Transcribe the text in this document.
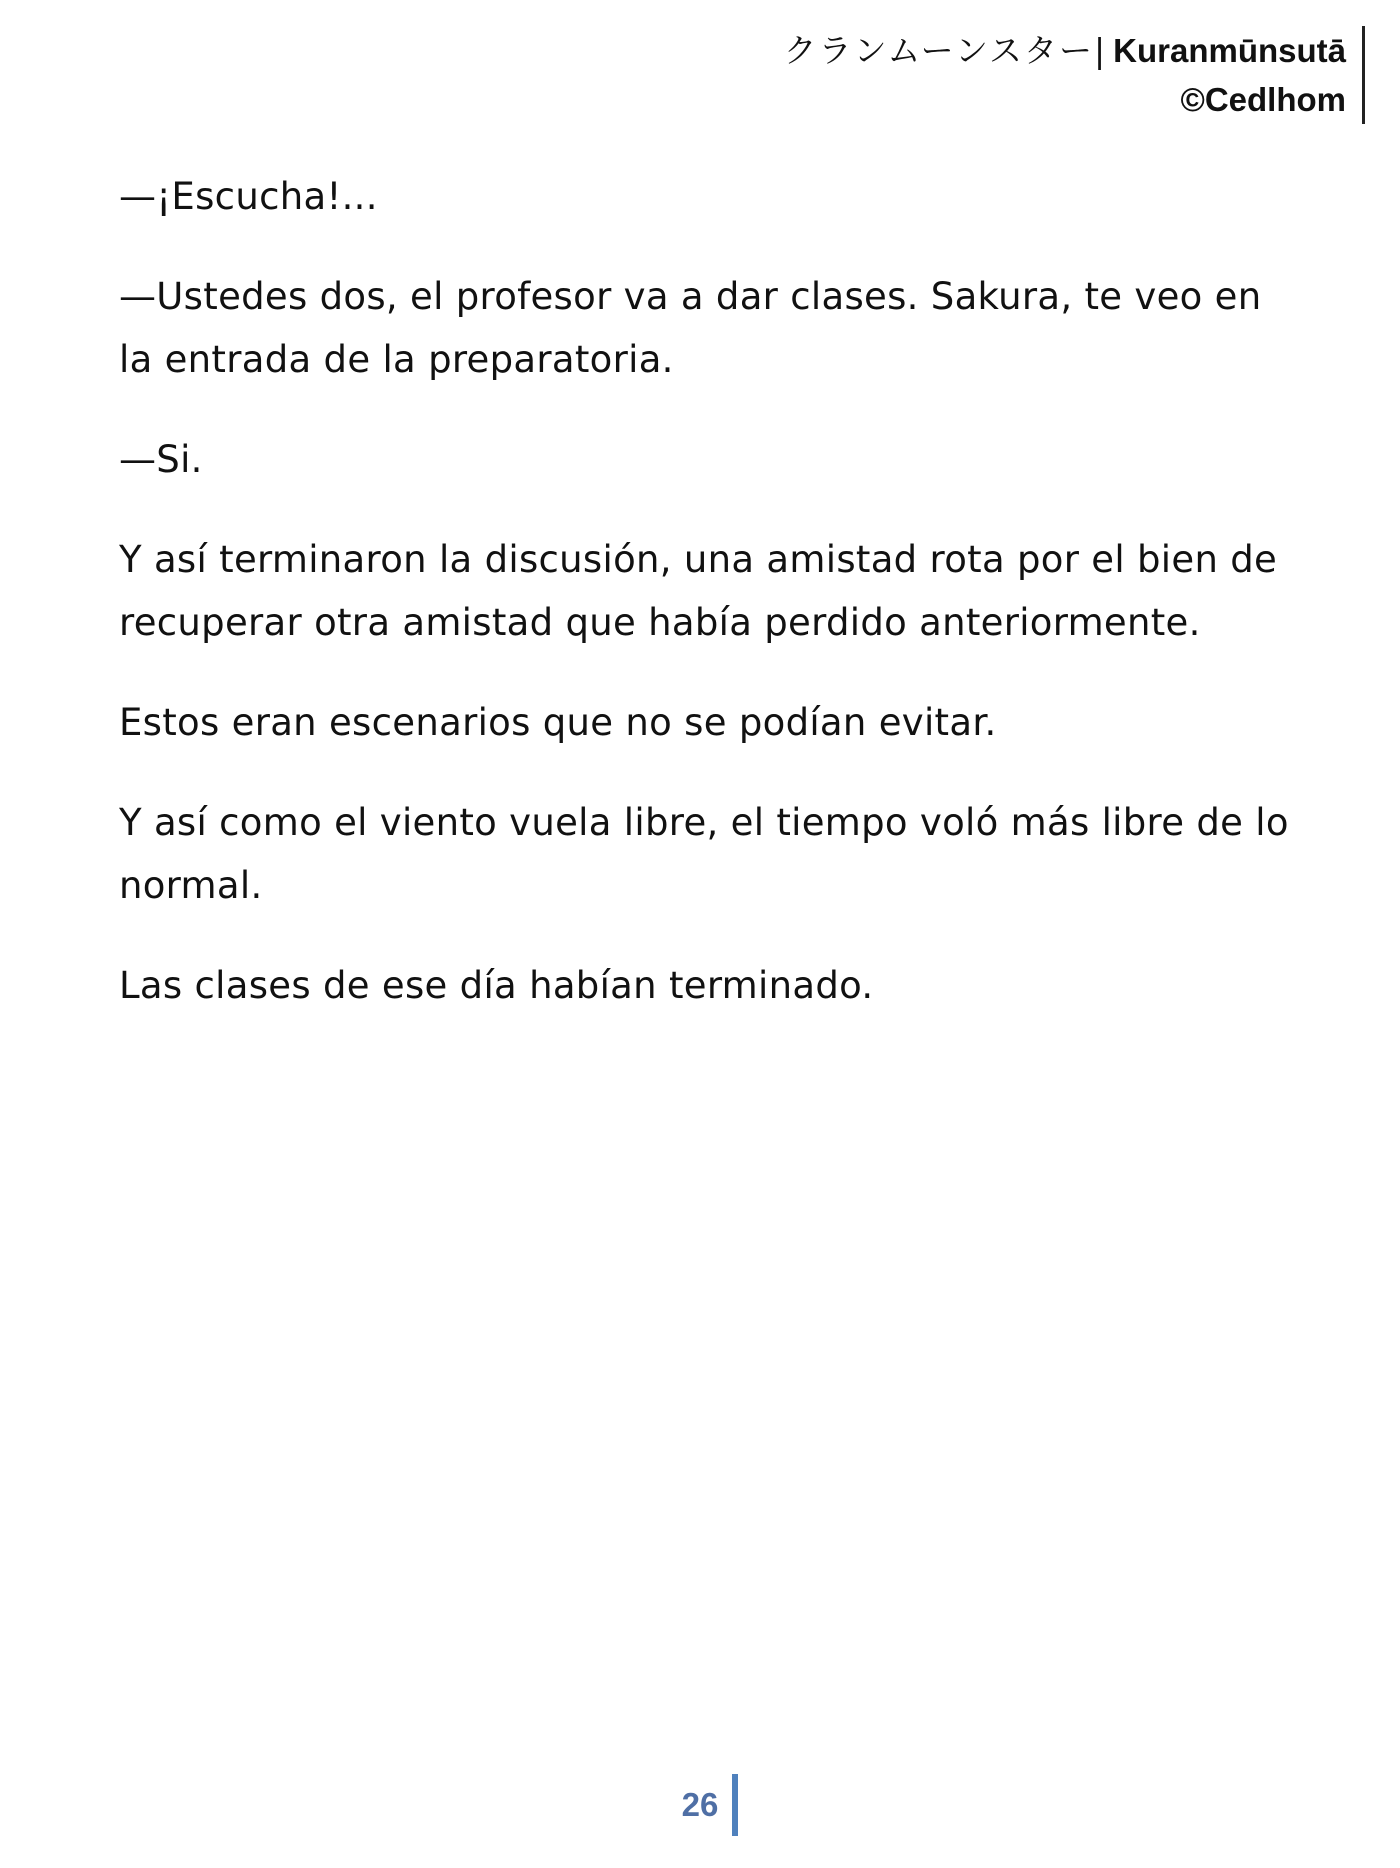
クランムーンスター| Kuranmūnsutā
©Cedlhom

—¡Escucha!...

—Ustedes dos, el profesor va a dar clases. Sakura, te veo en la entrada de la preparatoria.

—Si.

Y así terminaron la discusión, una amistad rota por el bien de recuperar otra amistad que había perdido anteriormente.

Estos eran escenarios que no se podían evitar.

Y así como el viento vuela libre, el tiempo voló más libre de lo normal.

Las clases de ese día habían terminado.

26
